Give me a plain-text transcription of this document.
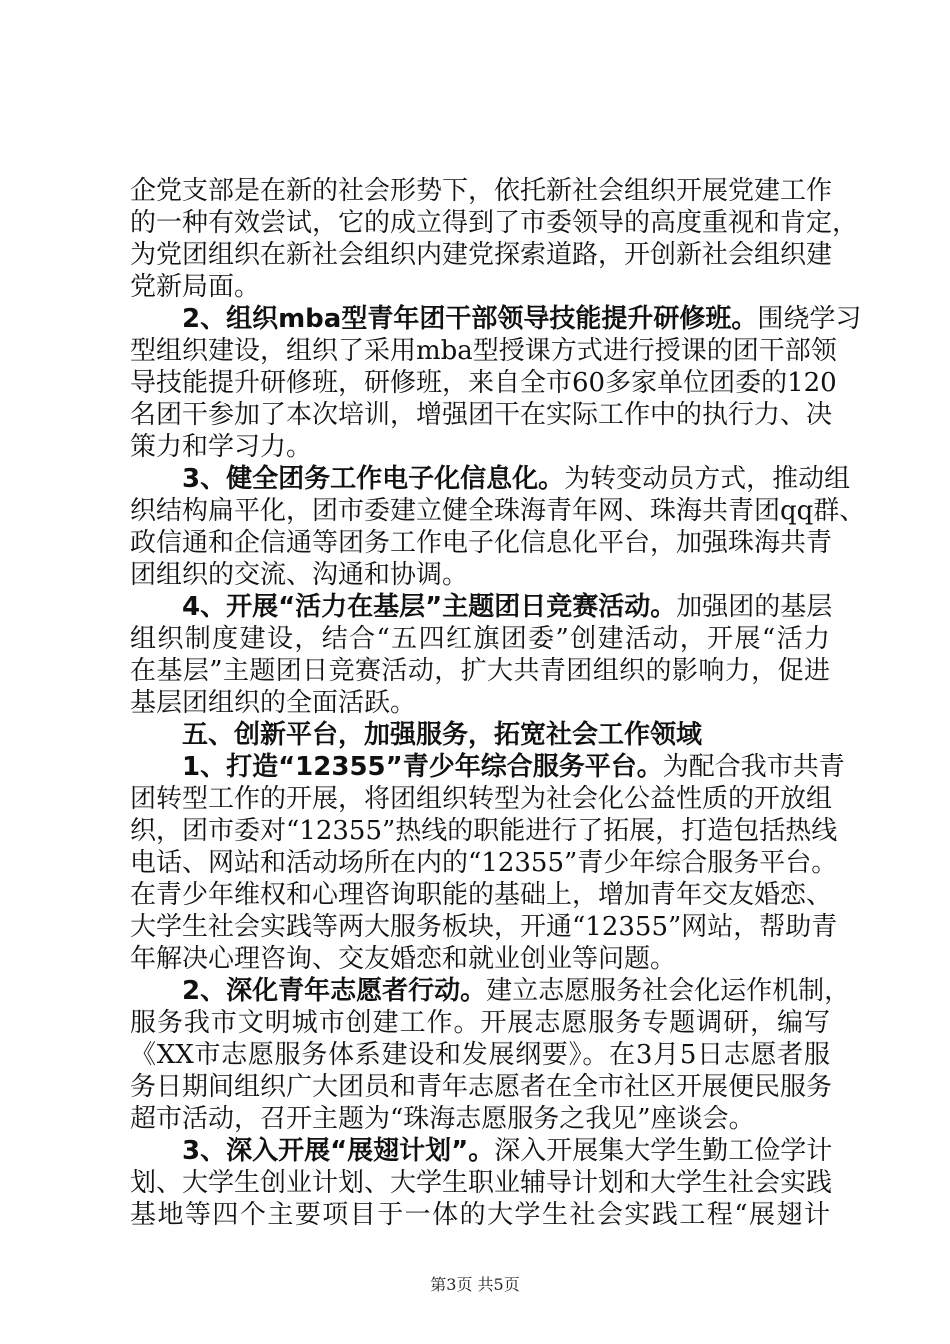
企党支部是在新的社会形势下，依托新社会组织开展党建工作
的一种有效尝试，它的成立得到了市委领导的高度重视和肯定，
为党团组织在新社会组织内建党探索道路，开创新社会组织建
党新局面。
2、组织mba型青年团干部领导技能提升研修班。围绕学习
型组织建设，组织了采用mba型授课方式进行授课的团干部领
导技能提升研修班，研修班，来自全市60多家单位团委的120
名团干参加了本次培训，增强团干在实际工作中的执行力、决
策力和学习力。
3、健全团务工作电子化信息化。为转变动员方式，推动组
织结构扁平化，团市委建立健全珠海青年网、珠海共青团qq群、
政信通和企信通等团务工作电子化信息化平台，加强珠海共青
团组织的交流、沟通和协调。
4、开展“活力在基层”主题团日竞赛活动。加强团的基层
组织制度建设，结合“五四红旗团委”创建活动，开展“活力
在基层”主题团日竞赛活动，扩大共青团组织的影响力，促进
基层团组织的全面活跃。
五、创新平台，加强服务，拓宽社会工作领域
1、打造“12355”青少年综合服务平台。为配合我市共青
团转型工作的开展，将团组织转型为社会化公益性质的开放组
织，团市委对“12355”热线的职能进行了拓展，打造包括热线
电话、网站和活动场所在内的“12355”青少年综合服务平台。
在青少年维权和心理咨询职能的基础上，增加青年交友婚恋、
大学生社会实践等两大服务板块，开通“12355”网站，帮助青
年解决心理咨询、交友婚恋和就业创业等问题。
2、深化青年志愿者行动。建立志愿服务社会化运作机制，
服务我市文明城市创建工作。开展志愿服务专题调研，编写
《XX市志愿服务体系建设和发展纲要》。在3月5日志愿者服
务日期间组织广大团员和青年志愿者在全市社区开展便民服务
超市活动，召开主题为“珠海志愿服务之我见”座谈会。
3、深入开展“展翅计划”。深入开展集大学生勤工俭学计
划、大学生创业计划、大学生职业辅导计划和大学生社会实践
基地等四个主要项目于一体的大学生社会实践工程“展翅计
第3页 共5页
